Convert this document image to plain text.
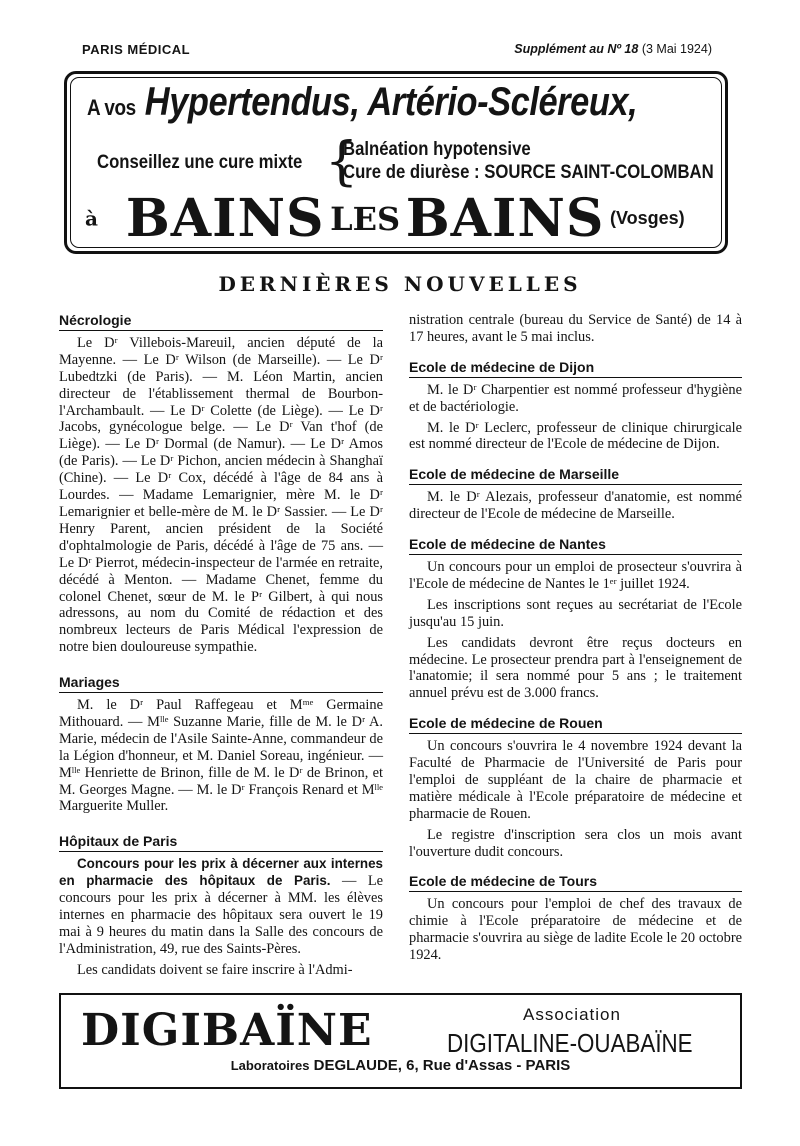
PARIS MÉDICAL	Supplément au Nº 18 (3 Mai 1924)
A vos Hypertendus, Artério-Scléreux,
Conseillez une cure mixte {
Balnéation hypotensive
Cure de diurèse : SOURCE SAINT-COLOMBAN
à BAINS LES BAINS (Vosges)
DERNIÈRES NOUVELLES
Nécrologie

Le Dʳ Villebois-Mareuil, ancien député de la Mayenne. — Le Dʳ Wilson (de Marseille). — Le Dʳ Lubedtzki (de Paris). — M. Léon Martin, ancien directeur de l'établissement thermal de Bourbon-l'Archambault. — Le Dʳ Colette (de Liège). — Le Dʳ Jacobs, gynécologue belge. — Le Dʳ Van t'hof (de Liège). — Le Dʳ Dormal (de Namur). — Le Dʳ Amos (de Paris). — Le Dʳ Pichon, ancien médecin à Shanghaï (Chine). — Le Dʳ Cox, décédé à l'âge de 84 ans à Lourdes. — Madame Lemarignier, mère M. le Dʳ Lemarignier et belle-mère de M. le Dʳ Sassier. — Le Dʳ Henry Parent, ancien président de la Société d'ophtalmologie de Paris, décédé à l'âge de 75 ans. — Le Dʳ Pierrot, médecin-inspecteur de l'armée en retraite, décédé à Menton. — Madame Chenet, femme du colonel Chenet, sœur de M. le Pʳ Gilbert, à qui nous adressons, au nom du Comité de rédaction et des nombreux lecteurs de Paris Médical l'expression de notre bien douloureuse sympathie.

Mariages

M. le Dʳ Paul Raffegeau et Mᵐᵉ Germaine Mithouard. — Mˡˡᵉ Suzanne Marie, fille de M. le Dʳ A. Marie, médecin de l'Asile Sainte-Anne, commandeur de la Légion d'honneur, et M. Daniel Soreau, ingénieur. — Mˡˡᵉ Henriette de Brinon, fille de M. le Dʳ de Brinon, et M. Georges Magne. — M. le Dʳ François Renard et Mˡˡᵉ Marguerite Muller.

Hôpitaux de Paris

Concours pour les prix à décerner aux internes en pharmacie des hôpitaux de Paris. — Le concours pour les prix à décerner à MM. les élèves internes en pharmacie des hôpitaux sera ouvert le 19 mai à 9 heures du matin dans la Salle des concours de l'Administration, 49, rue des Saints-Pères.

Les candidats doivent se faire inscrire à l'Admi-

nistration centrale (bureau du Service de Santé) de 14 à 17 heures, avant le 5 mai inclus.

Ecole de médecine de Dijon

M. le Dʳ Charpentier est nommé professeur d'hygiène et de bactériologie.

M. le Dʳ Leclerc, professeur de clinique chirurgicale est nommé directeur de l'Ecole de médecine de Dijon.

Ecole de médecine de Marseille

M. le Dʳ Alezais, professeur d'anatomie, est nommé directeur de l'Ecole de médecine de Marseille.

Ecole de médecine de Nantes

Un concours pour un emploi de prosecteur s'ouvrira à l'Ecole de médecine de Nantes le 1ᵉʳ juillet 1924.

Les inscriptions sont reçues au secrétariat de l'Ecole jusqu'au 15 juin.

Les candidats devront être reçus docteurs en médecine. Le prosecteur prendra part à l'enseignement de l'anatomie; il sera nommé pour 5 ans ; le traitement annuel prévu est de 3.000 francs.

Ecole de médecine de Rouen

Un concours s'ouvrira le 4 novembre 1924 devant la Faculté de Pharmacie de l'Université de Paris pour l'emploi de suppléant de la chaire de pharmacie et matière médicale à l'Ecole préparatoire de médecine et pharmacie de Rouen.

Le registre d'inscription sera clos un mois avant l'ouverture dudit concours.

Ecole de médecine de Tours

Un concours pour l'emploi de chef des travaux de chimie à l'Ecole préparatoire de médecine et de pharmacie s'ouvrira au siège de ladite Ecole le 20 octobre 1924.

DIGIBAÏNE	Association
DIGITALINE-OUABAÏNE
Laboratoires DEGLAUDE, 6, Rue d'Assas - PARIS
